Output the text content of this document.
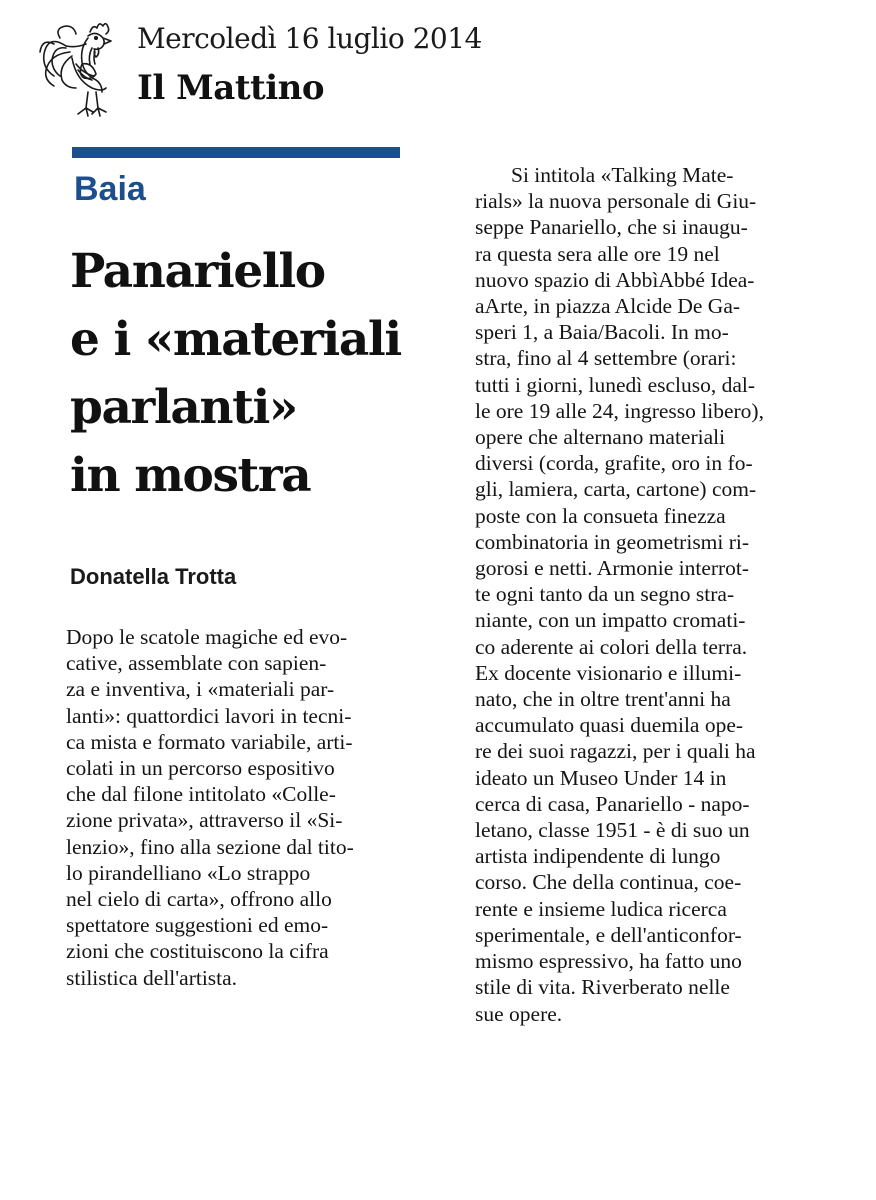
Mercoledì 16 luglio 2014
Il Mattino
Baia
Panariello
e i «materiali
parlanti»
in mostra
Donatella Trotta
Dopo le scatole magiche ed evo-
cative, assemblate con sapien-
za e inventiva, i «materiali par-
lanti»: quattordici lavori in tecni-
ca mista e formato variabile, arti-
colati in un percorso espositivo
che dal filone intitolato «Colle-
zione privata», attraverso il «Si-
lenzio», fino alla sezione dal tito-
lo pirandelliano «Lo strappo
nel cielo di carta», offrono allo
spettatore suggestioni ed emo-
zioni che costituiscono la cifra
stilistica dell'artista.
Si intitola «Talking Mate-
rials» la nuova personale di Giu-
seppe Panariello, che si inaugu-
ra questa sera alle ore 19 nel
nuovo spazio di AbbìAbbé Idea-
aArte, in piazza Alcide De Ga-
speri 1, a Baia/Bacoli. In mo-
stra, fino al 4 settembre (orari:
tutti i giorni, lunedì escluso, dal-
le ore 19 alle 24, ingresso libero),
opere che alternano materiali
diversi (corda, grafite, oro in fo-
gli, lamiera, carta, cartone) com-
poste con la consueta finezza
combinatoria in geometrismi ri-
gorosi e netti. Armonie interrot-
te ogni tanto da un segno stra-
niante, con un impatto cromati-
co aderente ai colori della terra.
Ex docente visionario e illumi-
nato, che in oltre trent'anni ha
accumulato quasi duemila ope-
re dei suoi ragazzi, per i quali ha
ideato un Museo Under 14 in
cerca di casa, Panariello - napo-
letano, classe 1951 - è di suo un
artista indipendente di lungo
corso. Che della continua, coe-
rente e insieme ludica ricerca
sperimentale, e dell'anticonfor-
mismo espressivo, ha fatto uno
stile di vita. Riverberato nelle
sue opere.
